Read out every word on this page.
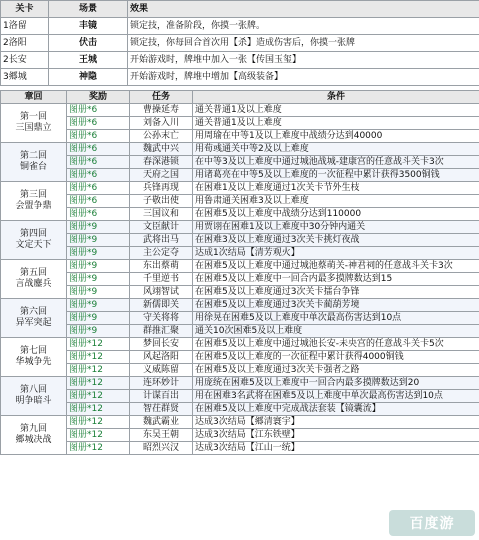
关卡	场景	效果
1洛留	丰镜	锁定技，准备阶段，你摸一张牌。
2洛阳	伏击	锁定技，你每回合首次用【杀】造成伤害后，你摸一张牌
2长安	王城	开始游戏时，牌堆中加入一张【传国玉玺】
3郷城	神隐	开始游戏时，牌堆中增加【高级装备】
章回	奖励	任务	条件
第一回
三国鼎立	图册*6	曹操延寿	通关普通1及以上难度
	图册*6	刘备入川	通关普通1及以上难度
	图册*6	公孙末亡	用周瑜在中等1及以上难度中战绩分达到40000
第二回
铜雀台	图册*6	魏武中兴	用荀彧通关中等2及以上难度
	图册*6	春深港锁	在中等3及以上难度中通过城池战城-建康宫的任意战斗关卡3次
	图册*6	天府之国	用诸葛亮在中等5及以上难度的一次征程中累计获得3500铜钱
第三回
会盟争鼎	图册*6	兵锋再现	在困难1及以上难度通过1次关卡节外生枝
	图册*6	子敬出使	用鲁肃通关困难3及以上难度
	图册*6	三国议和	在困难5及以上难度中战绩分达到110000
第四回
文定天下	图册*9	文臣献计	用贾诩在困难1及以上难度中30分钟内通关
	图册*9	武将出马	在困难3及以上难度通过3次关卡挑灯夜战
	图册*9	主公定夺	达成1次结局【清芳观火】
第五回
言战鏖兵	图册*9	东出蔡萌	在困难5及以上难度中通过城池蔡萌关-神君祠的任意战斗关卡3次
	图册*9	千里逆书	在困难5及以上难度中一回合内最多摸牌数达到15
	图册*9	风翊智试	在困难5及以上难度通过3次关卡擂台争锋
第六回
异军突起	图册*9	新儒即关	在困难5及以上难度通过3次关卡蔺葫芳境
	图册*9	守关将将	用徐晃在困难5及以上难度中单次最高伤害达到10点
	图册*9	群推汇聚	通关10次困难5及以上难度
第七回
华城争先	图册*12	梦回长安	在困难5及以上难度中通过城池长安-未央宫的任意战斗关卡5次
	图册*12	风起洛阳	在困难5及以上难度的一次征程中累计获得4000铜钱
	图册*12	义威陈留	在困难5及以上难度通过3次关卡强者之路
第八回
明争暗斗	图册*12	连环妙计	用庞统在困难5及以上难度中一回合内最多摸牌数达到20
	图册*12	计谋百出	用在困难3名武将在困难5及以上难度中单次最高伤害达到10点
	图册*12	智茌群贤	在困难5及以上难度中完成战法套装【镜囊流】
第九回
郷城决战	图册*12	魏武霸业	达成3次结局【郷清寰宇】
	图册*12	东吴王朝	达成3次结局【江东铁壁】
	图册*12	昭烈兴汉	达成3次结局【江山一统】
百度游
